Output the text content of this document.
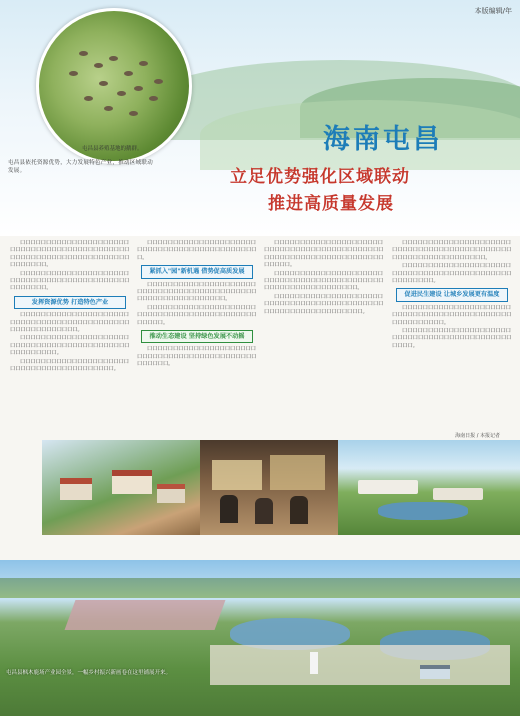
屯昌县养殖基地的鹅群。
屯昌县依托资源优势，大力发展特色产业，推动区域联动发展。
海南屯昌
立足优势强化区域联动
推进高质量发展
本版编辑/年

口口口口口口口口口口口口口口口口口口口口口口口口口口口口口口口口口口口口口口口口口口口口口口口口口口口口口口口口口口口口口口口口口口口口口口口口口口。

口口口口口口口口口口口口口口口口口口口口口口口口口口口口口口口口口口口口口口口口口口口口口口口口口口口。

发挥资源优势 打造特色产业

口口口口口口口口口口口口口口口口口口口口口口口口口口口口口口口口口口口口口口口口口口口口口口口口口口口口口口口口口。

口口口口口口口口口口口口口口口口口口口口口口口口口口口口口口口口口口口口口口口口口口口口口口口口口口口口口。

口口口口口口口口口口口口口口口口口口口口口口口口口口口口口口口口口口口口口口口口口。

口口口口口口口口口口口口口口口口口口口口口口口口口口口口口口口口口口口口口口口口口口口口口。

紧抓入"园"新机遇 借势促高质发展

口口口口口口口口口口口口口口口口口口口口口口口口口口口口口口口口口口口口口口口口口口口口口口口口口口口口口口口口口口口口口。

口口口口口口口口口口口口口口口口口口口口口口口口口口口口口口口口口口口口口口口口口口口口口口口口口。

推动生态建设 坚持绿色发展不动摇

口口口口口口口口口口口口口口口口口口口口口口口口口口口口口口口口口口口口口口口口口口口口口口口口口口。

口口口口口口口口口口口口口口口口口口口口口口口口口口口口口口口口口口口口口口口口口口口口口口口口口口口口口口口口口口口口口口口口口口口口口口口口。

口口口口口口口口口口口口口口口口口口口口口口口口口口口口口口口口口口口口口口口口口口口口口口口口口口口口口口口口口口口口口口。

口口口口口口口口口口口口口口口口口口口口口口口口口口口口口口口口口口口口口口口口口口口口口口口口口口口口口口口口口口口口口口口。

口口口口口口口口口口口口口口口口口口口口口口口口口口口口口口口口口口口口口口口口口口口口口口口口口口口口口口口口口口口口口口。

口口口口口口口口口口口口口口口口口口口口口口口口口口口口口口口口口口口口口口口口口口口口口口口口口口口口。

促进民生建设 让城乡发展更有温度

口口口口口口口口口口口口口口口口口口口口口口口口口口口口口口口口口口口口口口口口口口口口口口口口口口口口口口。

口口口口口口口口口口口口口口口口口口口口口口口口口口口口口口口口口口口口口口口口口口口口口口口口。

海南日报 / 本报记者
屯昌县枫木鹿场产业园全景，一幅乡村振兴新画卷在这里铺展开来。
